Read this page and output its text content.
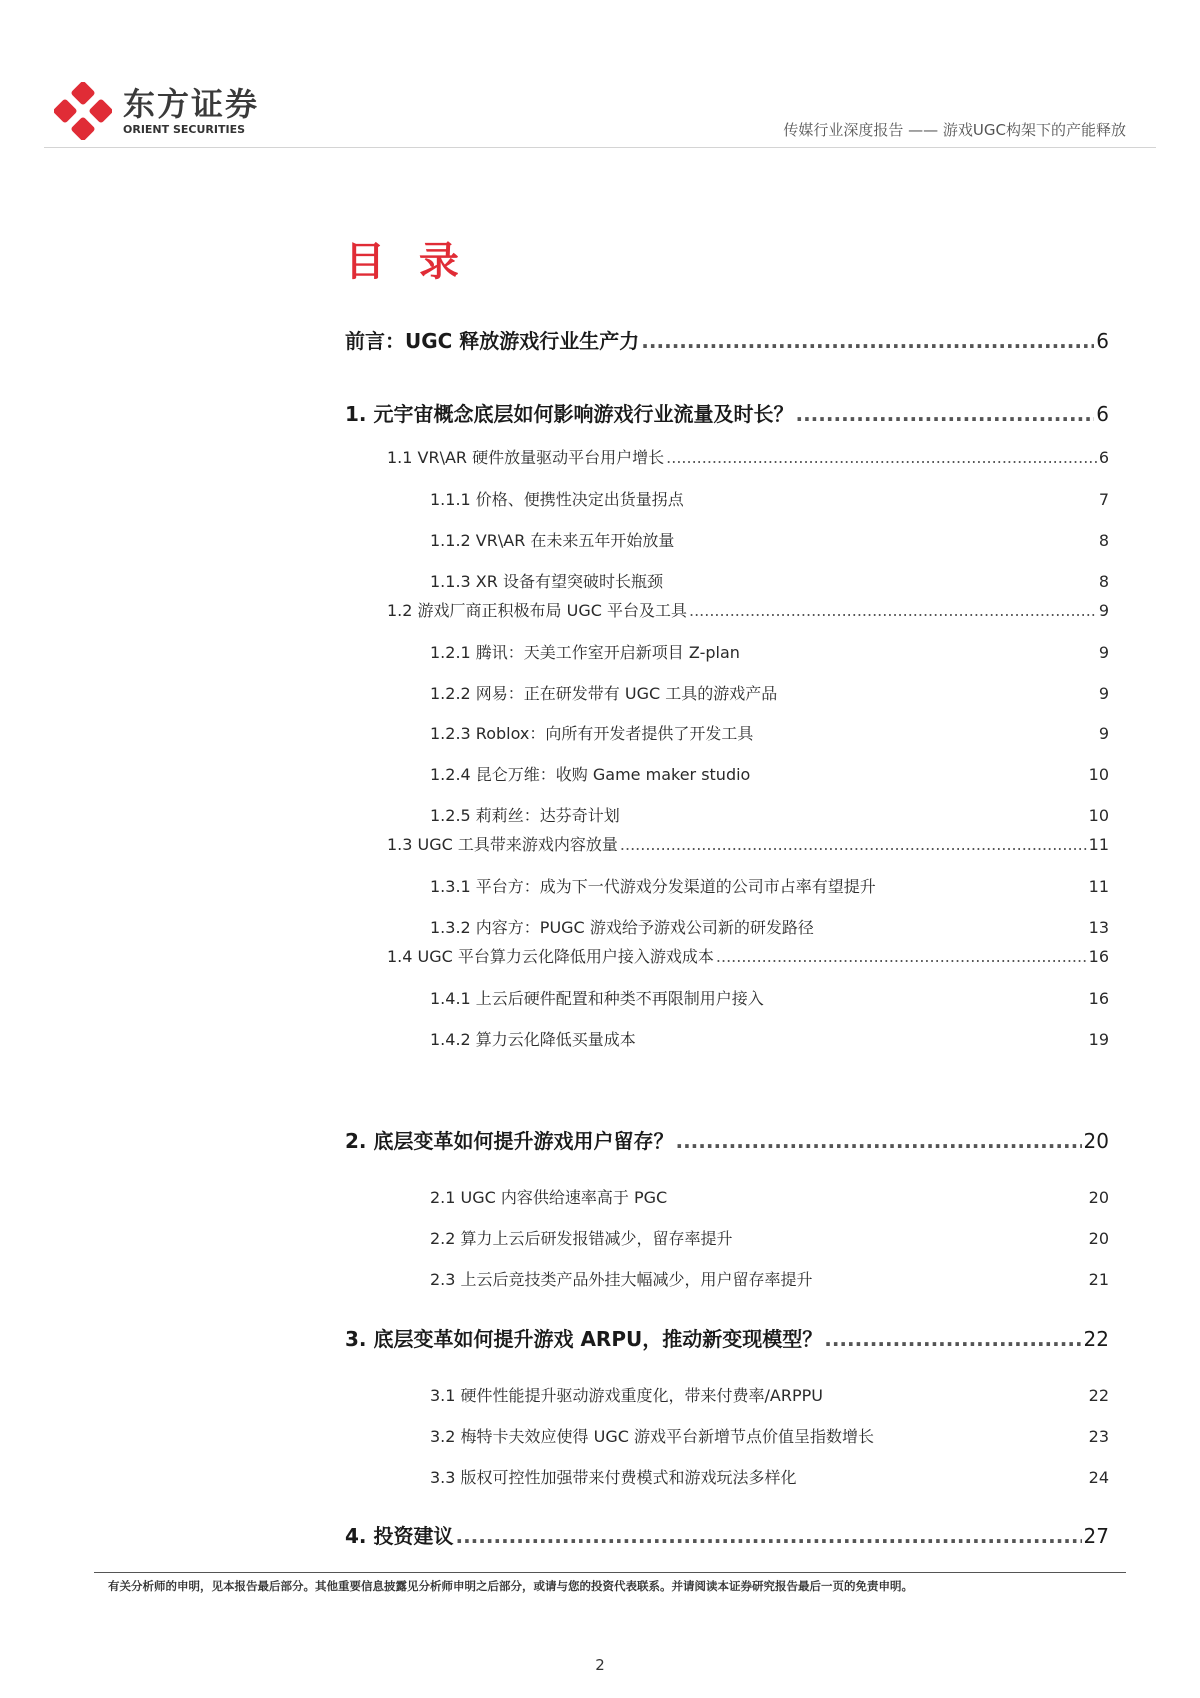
东方证券
ORIENT SECURITIES	传媒行业深度报告 —— 游戏UGC构架下的产能释放
目 录
前言：UGC 释放游戏行业生产力 .....	6
1. 元宇宙概念底层如何影响游戏行业流量及时长？ .....	6
1.1 VR\AR 硬件放量驱动平台用户增长 .....	6
1.1.1 价格、便携性决定出货量拐点	7
1.1.2 VR\AR 在未来五年开始放量	8
1.1.3 XR 设备有望突破时长瓶颈	8
1.2 游戏厂商正积极布局 UGC 平台及工具 .....	9
1.2.1 腾讯：天美工作室开启新项目 Z-plan	9
1.2.2 网易：正在研发带有 UGC 工具的游戏产品	9
1.2.3 Roblox：向所有开发者提供了开发工具	9
1.2.4 昆仑万维：收购 Game maker studio	10
1.2.5 莉莉丝：达芬奇计划	10
1.3 UGC 工具带来游戏内容放量 .....	11
1.3.1 平台方：成为下一代游戏分发渠道的公司市占率有望提升	11
1.3.2 内容方：PUGC 游戏给予游戏公司新的研发路径	13
1.4 UGC 平台算力云化降低用户接入游戏成本 .....	16
1.4.1 上云后硬件配置和种类不再限制用户接入	16
1.4.2 算力云化降低买量成本	19
2. 底层变革如何提升游戏用户留存？ .....	20
2.1 UGC 内容供给速率高于 PGC	20
2.2 算力上云后研发报错减少，留存率提升	20
2.3 上云后竞技类产品外挂大幅减少，用户留存率提升	21
3. 底层变革如何提升游戏 ARPU，推动新变现模型？ .....	22
3.1 硬件性能提升驱动游戏重度化，带来付费率/ARPPU	22
3.2 梅特卡夫效应使得 UGC 游戏平台新增节点价值呈指数增长	23
3.3 版权可控性加强带来付费模式和游戏玩法多样化	24
4. 投资建议 .....	27
有关分析师的申明，见本报告最后部分。其他重要信息披露见分析师申明之后部分，或请与您的投资代表联系。并请阅读本证券研究报告最后一页的免责申明。
2
